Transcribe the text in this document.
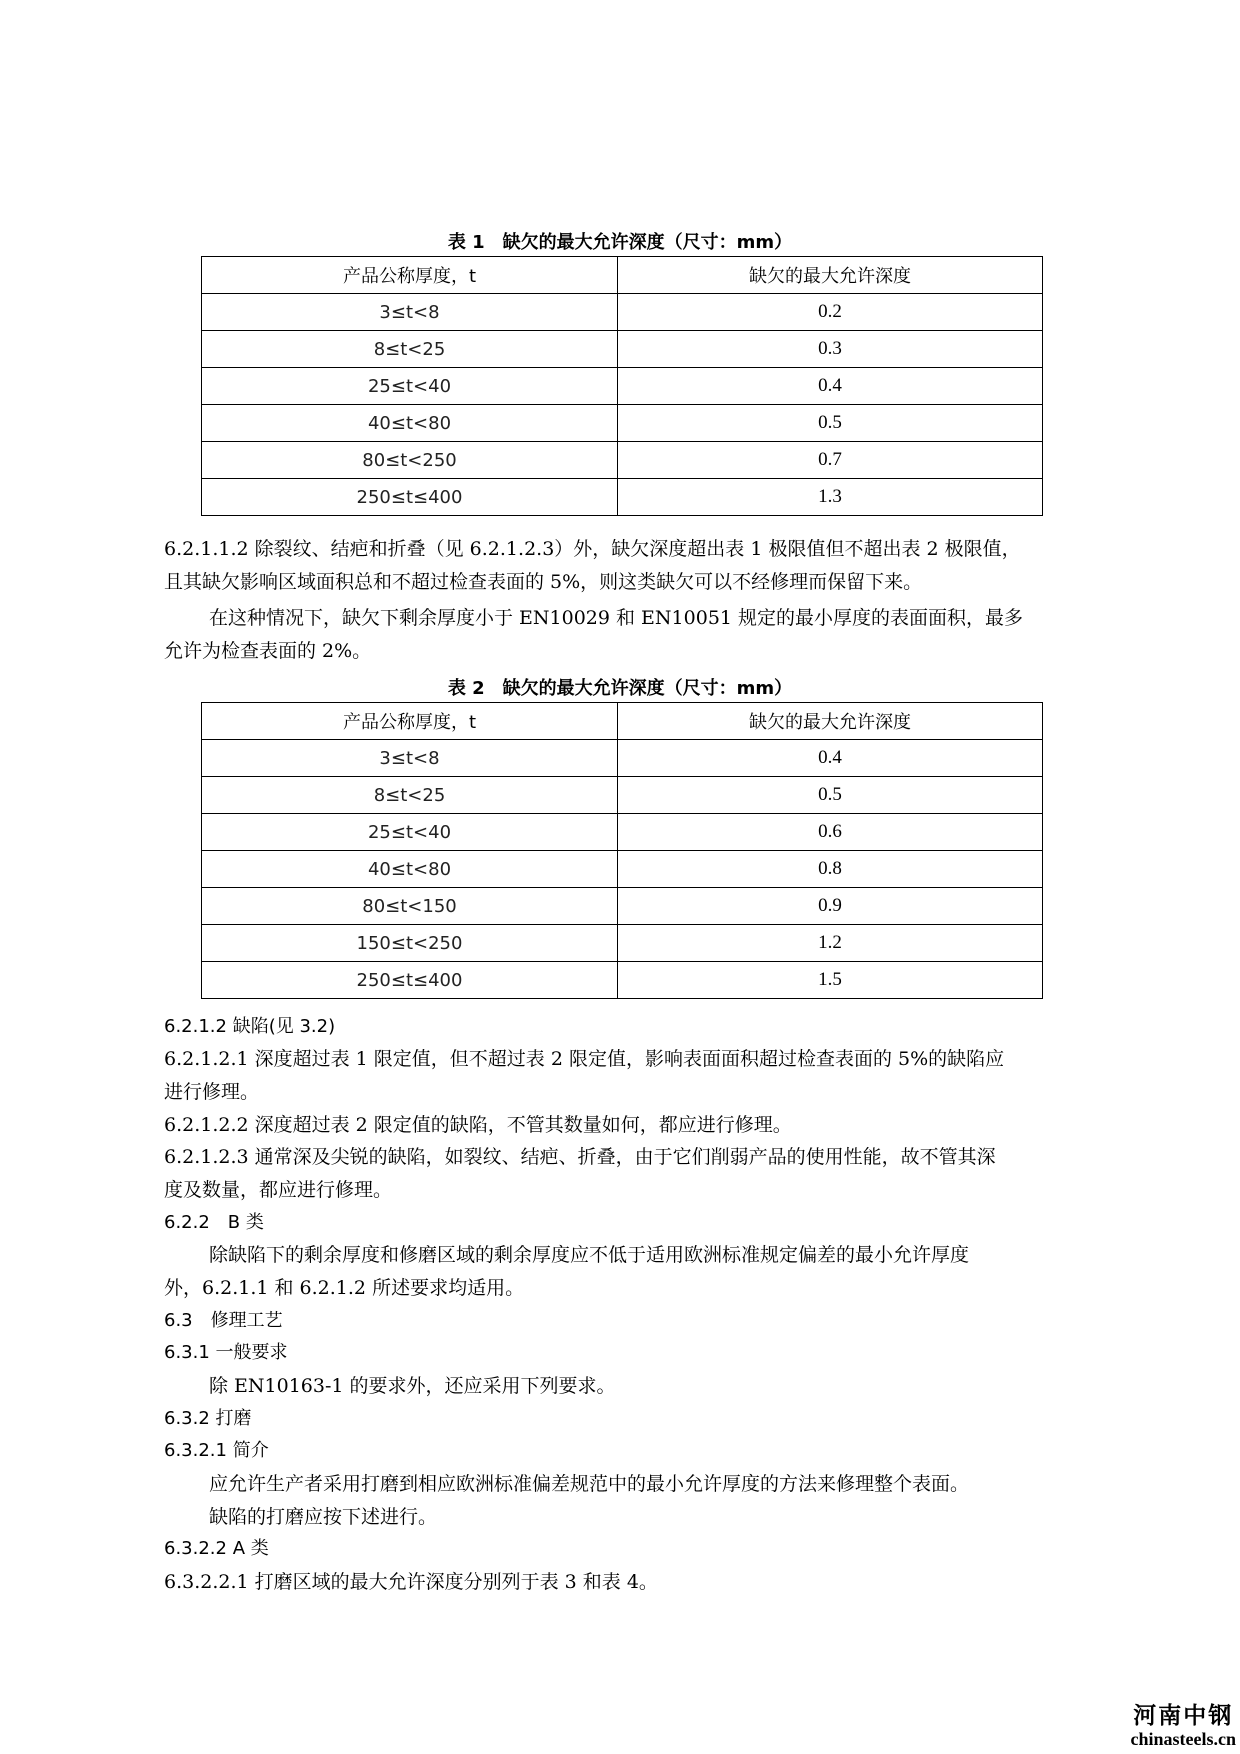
表 1　缺欠的最大允许深度（尺寸：mm）
产品公称厚度，t	缺欠的最大允许深度
3≤t<8	0.2
8≤t<25	0.3
25≤t<40	0.4
40≤t<80	0.5
80≤t<250	0.7
250≤t≤400	1.3
6.2.1.1.2 除裂纹、结疤和折叠（见 6.2.1.2.3）外，缺欠深度超出表 1 极限值但不超出表 2 极限值，
且其缺欠影响区域面积总和不超过检查表面的 5%，则这类缺欠可以不经修理而保留下来。
在这种情况下，缺欠下剩余厚度小于 EN10029 和 EN10051 规定的最小厚度的表面面积，最多
允许为检查表面的 2%。
表 2　缺欠的最大允许深度（尺寸：mm）
产品公称厚度，t	缺欠的最大允许深度
3≤t<8	0.4
8≤t<25	0.5
25≤t<40	0.6
40≤t<80	0.8
80≤t<150	0.9
150≤t<250	1.2
250≤t≤400	1.5
6.2.1.2 缺陷(见 3.2)
6.2.1.2.1 深度超过表 1 限定值，但不超过表 2 限定值，影响表面面积超过检查表面的 5%的缺陷应
进行修理。
6.2.1.2.2 深度超过表 2 限定值的缺陷，不管其数量如何，都应进行修理。
6.2.1.2.3 通常深及尖锐的缺陷，如裂纹、结疤、折叠，由于它们削弱产品的使用性能，故不管其深
度及数量，都应进行修理。
6.2.2　B 类
除缺陷下的剩余厚度和修磨区域的剩余厚度应不低于适用欧洲标准规定偏差的最小允许厚度
外，6.2.1.1 和 6.2.1.2 所述要求均适用。
6.3　修理工艺
6.3.1 一般要求
除 EN10163-1 的要求外，还应采用下列要求。
6.3.2 打磨
6.3.2.1 简介
应允许生产者采用打磨到相应欧洲标准偏差规范中的最小允许厚度的方法来修理整个表面。
缺陷的打磨应按下述进行。
6.3.2.2 A 类
6.3.2.2.1 打磨区域的最大允许深度分别列于表 3 和表 4。
河南中钢
chinasteels.cn
